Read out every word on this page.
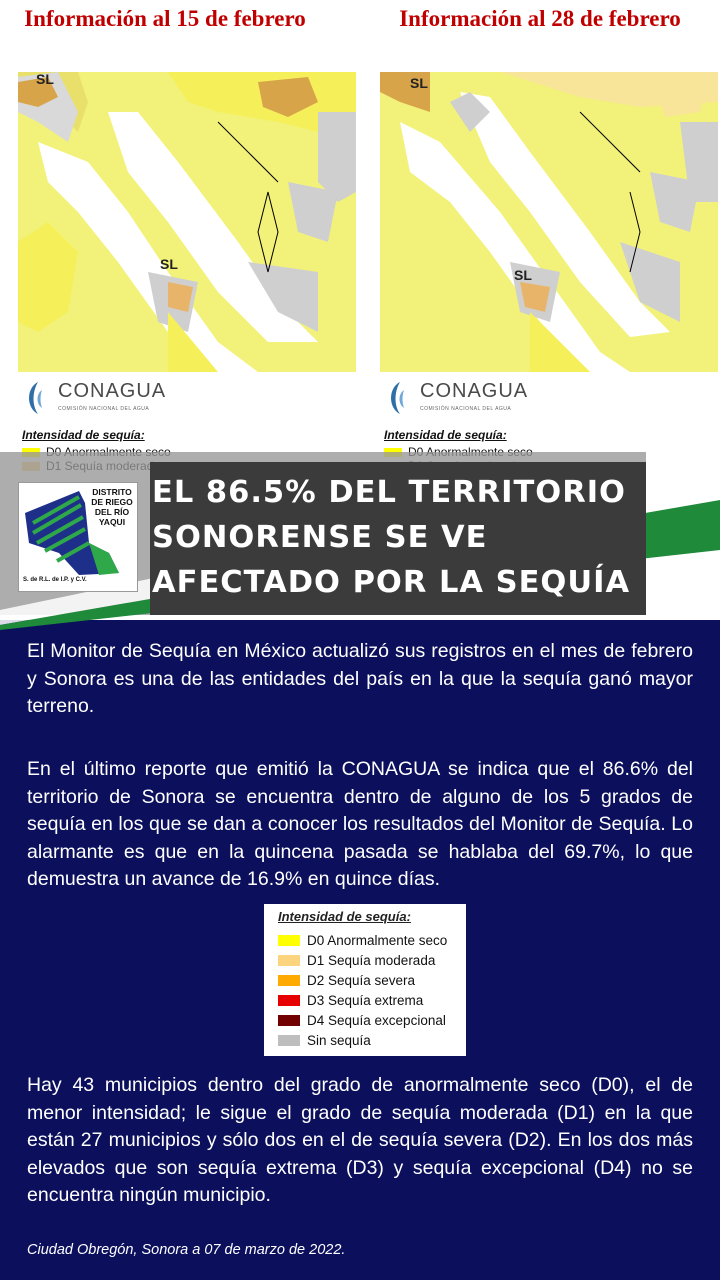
Información al 15 de febrero	Información al 28 de febrero
SL
SL
CONAGUA
COMISIÓN NACIONAL DEL AGUA
Intensidad de sequía:
SL
SL
CONAGUA
COMISIÓN NACIONAL DEL AGUA
Intensidad de sequía:
DISTRITO DE RIEGO DEL RÍO YAQUI
S. de R.L. de I.P. y C.V.
EL 86.5% DEL TERRITORIO SONORENSE SE VE AFECTADO POR LA SEQUÍA

El Monitor de Sequía en México actualizó sus registros en el mes de febrero y Sonora es una de las entidades del país en la que la sequía ganó mayor terreno.

En el último reporte que emitió la CONAGUA se indica que el 86.6% del territorio de Sonora se encuentra dentro de alguno de los 5 grados de sequía en los que se dan a conocer los resultados del Monitor de Sequía. Lo alarmante es que en la quincena pasada se hablaba del 69.7%, lo que demuestra un avance de 16.9% en quince días.

Intensidad de sequía:
D0 Anormalmente seco
D1 Sequía moderada
D2 Sequía severa
D3 Sequía extrema
D4 Sequía excepcional
Sin sequía

Hay 43 municipios dentro del grado de anormalmente seco (D0), el de menor intensidad; le sigue el grado de sequía moderada (D1) en la que están 27 municipios y sólo dos en el de sequía severa (D2). En los dos más elevados que son sequía extrema (D3) y sequía excepcional (D4) no se encuentra ningún municipio.

Ciudad Obregón, Sonora a 07 de marzo de 2022.
